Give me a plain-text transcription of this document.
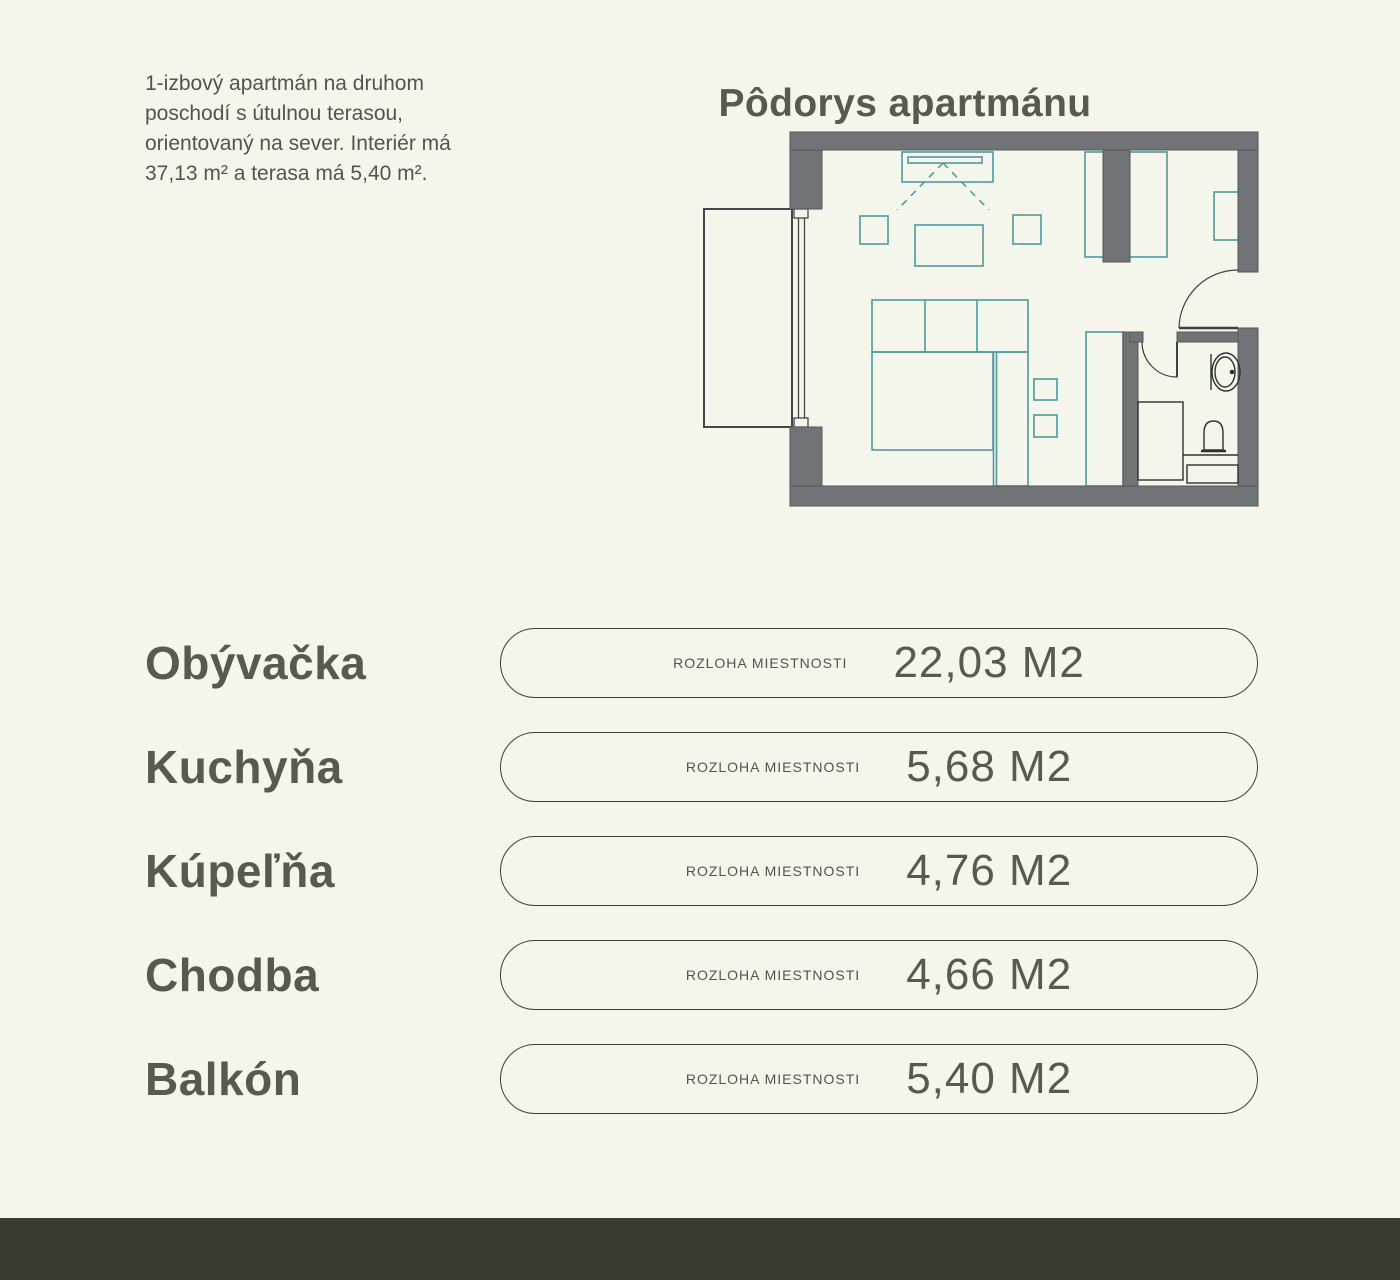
1-izbový apartmán na druhom poschodí s útulnou terasou, orientovaný na sever. Interiér má 37,13 m² a terasa má 5,40 m².

Pôdorys apartmánu
Obývačka	ROZLOHA MIESTNOSTI 22,03 M2
Kuchyňa	ROZLOHA MIESTNOSTI 5,68 M2
Kúpeľňa	ROZLOHA MIESTNOSTI 4,76 M2
Chodba	ROZLOHA MIESTNOSTI 4,66 M2
Balkón	ROZLOHA MIESTNOSTI 5,40 M2
